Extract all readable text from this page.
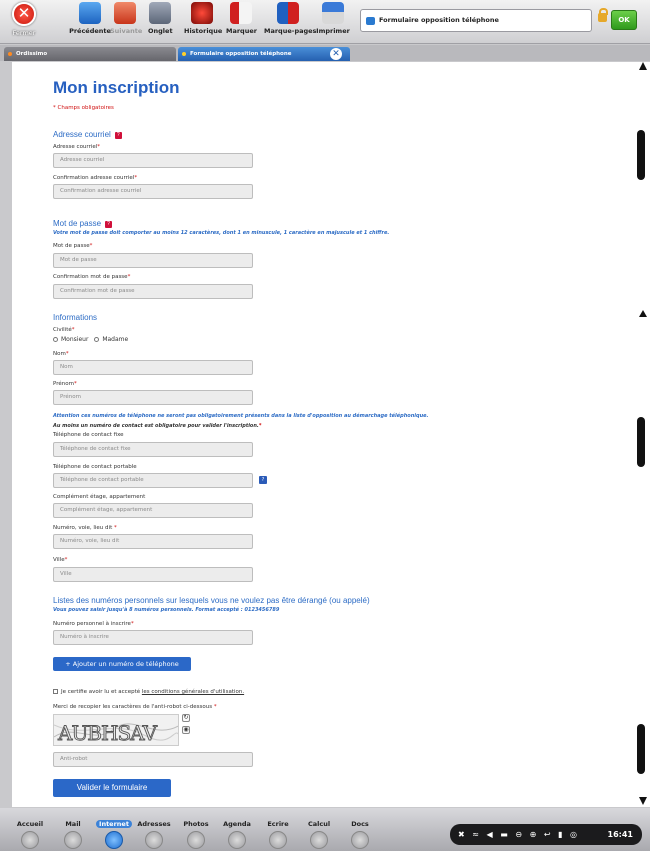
✕
Fermer	Précédente Suivante Onglet Historique Marquer Marque-pages Imprimer
Formulaire opposition téléphone	OK
Ordissimo	Formulaire opposition téléphone	✕
Mon inscription
* Champs obligatoires
Adresse courriel ?
Adresse courriel*
Adresse courriel
Confirmation adresse courriel*
Confirmation adresse courriel
Mot de passe ?
Votre mot de passe doit comporter au moins 12 caractères, dont 1 en minuscule, 1 caractère en majuscule et 1 chiffre.
Mot de passe*
Mot de passe
Confirmation mot de passe*
Confirmation mot de passe
Informations
Civilité*
Monsieur Madame
Nom*
Nom
Prénom*
Prénom
Attention ces numéros de téléphone ne seront pas obligatoirement présents dans la liste d'opposition au démarchage téléphonique.
Au moins un numéro de contact est obligatoire pour valider l'inscription.*
Téléphone de contact fixe
Téléphone de contact fixe
Téléphone de contact portable
Téléphone de contact portable	?
Complément étage, appartement
Complément étage, appartement
Numéro, voie, lieu dit *
Numéro, voie, lieu dit
Ville*
Ville
Listes des numéros personnels sur lesquels vous ne voulez pas être dérangé (ou appelé)
Vous pouvez saisir jusqu'à 8 numéros personnels. Format accepté : 0123456789
Numéro personnel à inscrire*
Numéro à inscrire
+ Ajouter un numéro de téléphone
Je certifie avoir lu et accepté les conditions générales d'utilisation.
Merci de recopier les caractères de l'anti-robot ci-dessous *
AUBHSAV
↻
◉
Anti-robot
Valider le formulaire
Accueil	Mail	Internet	Adresses	Photos	Agenda	Ecrire	Calcul	Docs
✖ ≈ ◀ ▬ ⊖ ⊕ ↩ ▮ ◎	16:41
